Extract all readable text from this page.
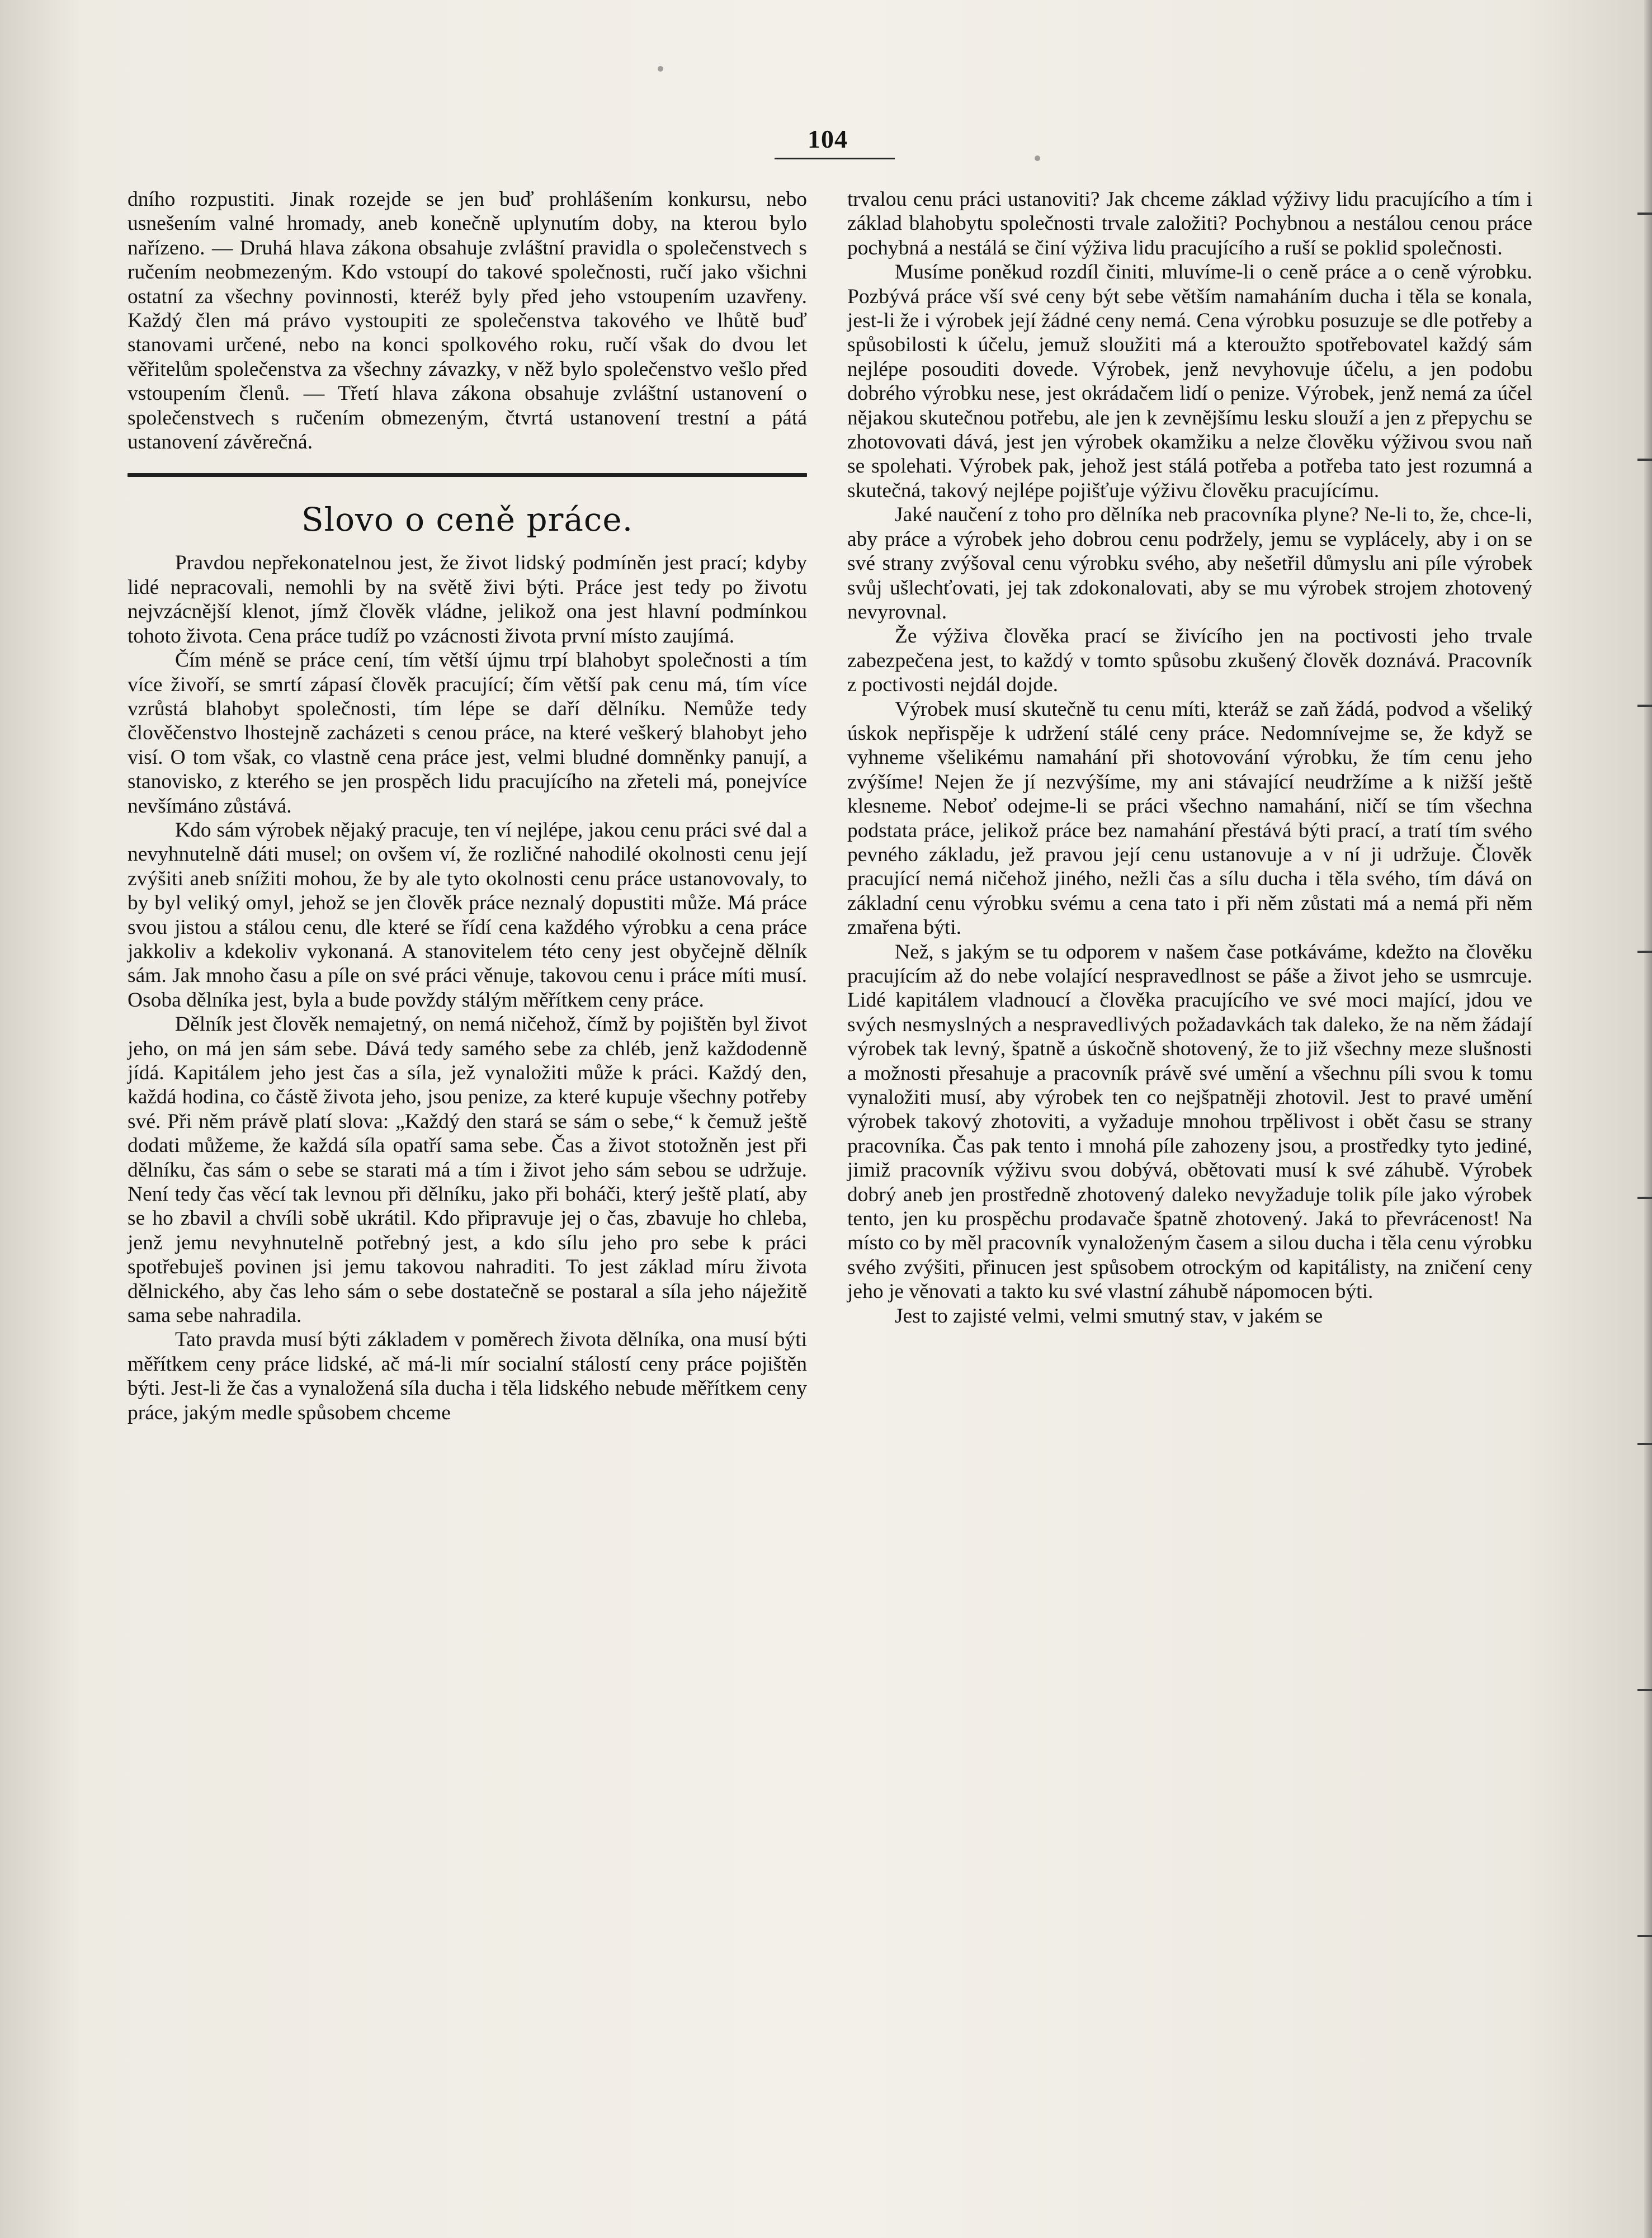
104

dního rozpustiti. Jinak rozejde se jen buď prohlášením konkursu, nebo usnešením valné hromady, aneb konečně uplynutím doby, na kterou bylo nařízeno. — Druhá hlava zákona obsahuje zvláštní pravidla o společenstvech s ručením neobmezeným. Kdo vstoupí do takové společnosti, ručí jako všichni ostatní za všechny povinnosti, kteréž byly před jeho vstoupením uzavřeny. Každý člen má právo vystoupiti ze společenstva takového ve lhůtě buď stanovami určené, nebo na konci spolkového roku, ručí však do dvou let věřitelům společenstva za všechny závazky, v něž bylo společenstvo vešlo před vstoupením členů. — Třetí hlava zákona obsahuje zvláštní ustanovení o společenstvech s ručením obmezeným, čtvrtá ustanovení trestní a pátá ustanovení závěrečná.

Slovo o ceně práce.

Pravdou nepřekonatelnou jest, že život lidský podmíněn jest prací; kdyby lidé nepracovali, nemohli by na světě živi býti. Práce jest tedy po životu nejvzácnější klenot, jímž člověk vládne, jelikož ona jest hlavní podmínkou tohoto života. Cena práce tudíž po vzácnosti života první místo zaujímá.

Čím méně se práce cení, tím větší újmu trpí blahobyt společnosti a tím více živoří, se smrtí zápasí člověk pracující; čím větší pak cenu má, tím více vzrůstá blahobyt společnosti, tím lépe se daří dělníku. Nemůže tedy člověčenstvo lhostejně zacházeti s cenou práce, na které veškerý blahobyt jeho visí. O tom však, co vlastně cena práce jest, velmi bludné domněnky panují, a stanovisko, z kterého se jen prospěch lidu pracujícího na zřeteli má, ponejvíce nevšímáno zůstává.

Kdo sám výrobek nějaký pracuje, ten ví nejlépe, jakou cenu práci své dal a nevyhnutelně dáti musel; on ovšem ví, že rozličné nahodilé okolnosti cenu její zvýšiti aneb snížiti mohou, že by ale tyto okolnosti cenu práce ustanovovaly, to by byl veliký omyl, jehož se jen člověk práce neznalý dopustiti může. Má práce svou jistou a stálou cenu, dle které se řídí cena každého výrobku a cena práce jakkoliv a kdekoliv vykonaná. A stanovitelem této ceny jest obyčejně dělník sám. Jak mnoho času a píle on své práci věnuje, takovou cenu i práce míti musí. Osoba dělníka jest, byla a bude povždy stálým měřítkem ceny práce.

Dělník jest člověk nemajetný, on nemá ničehož, čímž by pojištěn byl život jeho, on má jen sám sebe. Dává tedy samého sebe za chléb, jenž každodenně jídá. Kapitálem jeho jest čas a síla, jež vynaložiti může k práci. Každý den, každá hodina, co částě života jeho, jsou penize, za které kupuje všechny potřeby své. Při něm právě platí slova: „Každý den stará se sám o sebe,“ k čemuž ještě dodati můžeme, že každá síla opatří sama sebe. Čas a život stotožněn jest při dělníku, čas sám o sebe se starati má a tím i život jeho sám sebou se udržuje. Není tedy čas věcí tak levnou při dělníku, jako při boháči, který ještě platí, aby se ho zbavil a chvíli sobě ukrátil. Kdo připravuje jej o čas, zbavuje ho chleba, jenž jemu nevyhnutelně potřebný jest, a kdo sílu jeho pro sebe k práci spotřebuješ povinen jsi jemu takovou nahraditi. To jest základ míru života dělnického, aby čas leho sám o sebe dostatečně se postaral a síla jeho náježitě sama sebe nahradila.

Tato pravda musí býti základem v poměrech života dělníka, ona musí býti měřítkem ceny práce lidské, ač má-li mír socialní stálostí ceny práce pojištěn býti. Jest-li že čas a vynaložená síla ducha i těla lidského nebude měřítkem ceny práce, jakým medle spůsobem chceme

trvalou cenu práci ustanoviti? Jak chceme základ výživy lidu pracujícího a tím i základ blahobytu společnosti trvale založiti? Pochybnou a nestálou cenou práce pochybná a nestálá se činí výživa lidu pracujícího a ruší se poklid společnosti.

Musíme poněkud rozdíl činiti, mluvíme-li o ceně práce a o ceně výrobku. Pozbývá práce vší své ceny být sebe větším namaháním ducha i těla se konala, jest-li že i výrobek její žádné ceny nemá. Cena výrobku posuzuje se dle potřeby a spůsobilosti k účelu, jemuž sloužiti má a kteroužto spotřebovatel každý sám nejlépe posouditi dovede. Výrobek, jenž nevyhovuje účelu, a jen podobu dobrého výrobku nese, jest okrádačem lidí o penize. Výrobek, jenž nemá za účel nějakou skutečnou potřebu, ale jen k zevnějšímu lesku slouží a jen z přepychu se zhotovovati dává, jest jen výrobek okamžiku a nelze člověku výživou svou naň se spolehati. Výrobek pak, jehož jest stálá potřeba a potřeba tato jest rozumná a skutečná, takový nejlépe pojišťuje výživu člověku pracujícímu.

Jaké naučení z toho pro dělníka neb pracovníka plyne? Ne-li to, že, chce-li, aby práce a výrobek jeho dobrou cenu podržely, jemu se vyplácely, aby i on se své strany zvýšoval cenu výrobku svého, aby nešetřil důmyslu ani píle výrobek svůj ušlechťovati, jej tak zdokonalovati, aby se mu výrobek strojem zhotovený nevyrovnal.

Že výživa člověka prací se živícího jen na poctivosti jeho trvale zabezpečena jest, to každý v tomto spůsobu zkušený člověk doznává. Pracovník z poctivosti nejdál dojde.

Výrobek musí skutečně tu cenu míti, kteráž se zaň žádá, podvod a všeliký úskok nepřispěje k udržení stálé ceny práce. Nedomnívejme se, že když se vyhneme všelikému namahání při shotovování výrobku, že tím cenu jeho zvýšíme! Nejen že jí nezvýšíme, my ani stávající neudržíme a k nižší ještě klesneme. Neboť odejme-li se práci všechno namahání, ničí se tím všechna podstata práce, jelikož práce bez namahání přestává býti prací, a tratí tím svého pevného základu, jež pravou její cenu ustanovuje a v ní ji udržuje. Člověk pracující nemá ničehož jiného, nežli čas a sílu ducha i těla svého, tím dává on základní cenu výrobku svému a cena tato i při něm zůstati má a nemá při něm zmařena býti.

Než, s jakým se tu odporem v našem čase potkáváme, kdežto na člověku pracujícím až do nebe volající nespravedlnost se páše a život jeho se usmrcuje. Lidé kapitálem vladnoucí a člověka pracujícího ve své moci mající, jdou ve svých nesmyslných a nespravedlivých požadavkách tak daleko, že na něm žádají výrobek tak levný, špatně a úskočně shotovený, že to již všechny meze slušnosti a možnosti přesahuje a pracovník právě své umění a všechnu píli svou k tomu vynaložiti musí, aby výrobek ten co nejšpatněji zhotovil. Jest to pravé umění výrobek takový zhotoviti, a vyžaduje mnohou trpělivost i obět času se strany pracovníka. Čas pak tento i mnohá píle zahozeny jsou, a prostředky tyto jediné, jimiž pracovník výživu svou dobývá, obětovati musí k své záhubě. Výrobek dobrý aneb jen prostředně zhotovený daleko nevyžaduje tolik píle jako výrobek tento, jen ku prospěchu prodavače špatně zhotovený. Jaká to převrácenost! Na místo co by měl pracovník vynaloženým časem a silou ducha i těla cenu výrobku svého zvýšiti, přinucen jest spůsobem otrockým od kapitálisty, na zničení ceny jeho je věnovati a takto ku své vlastní záhubě nápomocen býti.

Jest to zajisté velmi, velmi smutný stav, v jakém se
